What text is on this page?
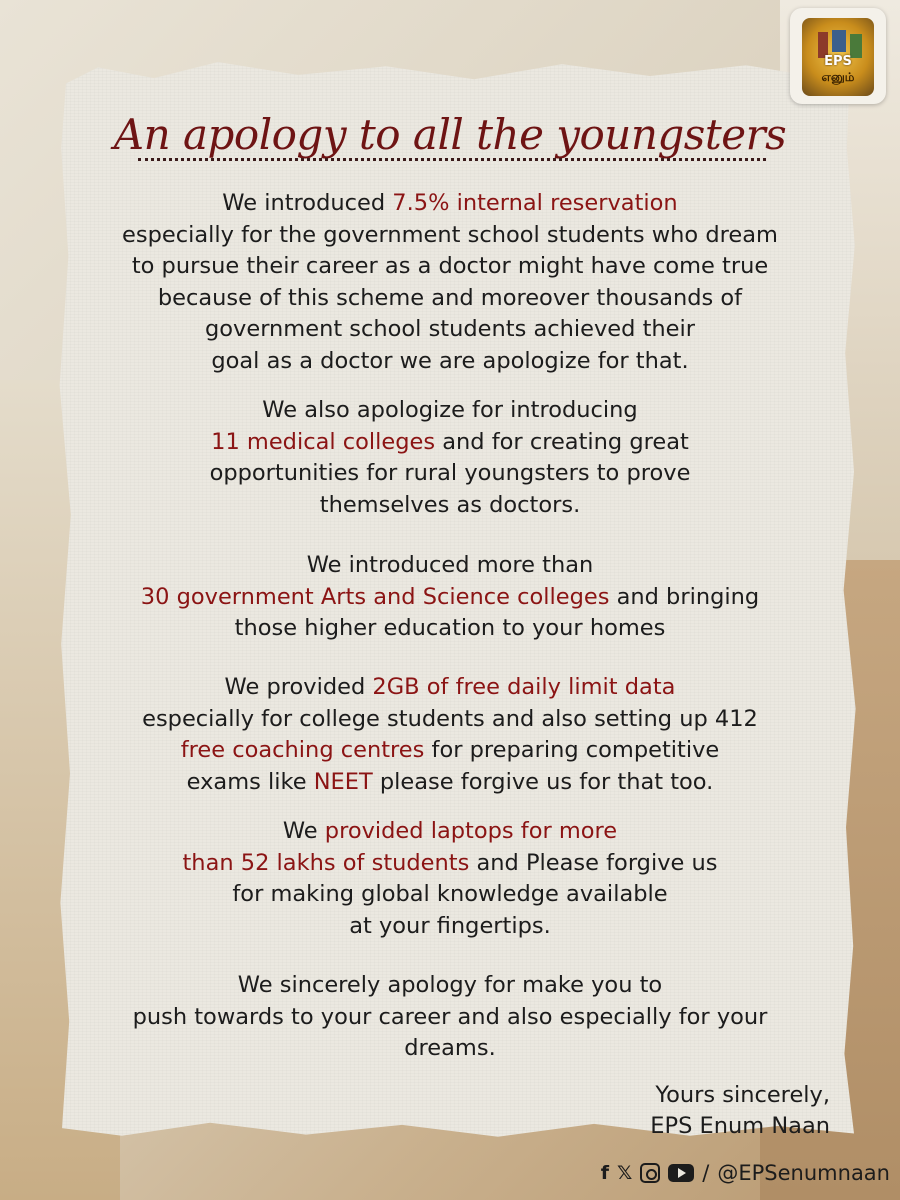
EPS
எனும்
An apology to all the youngsters

We introduced 7.5% internal reservation
especially for the government school students who dream
to pursue their career as a doctor might have come true
because of this scheme and moreover thousands of
government school students achieved their
goal as a doctor we are apologize for that.

We also apologize for introducing
11 medical colleges and for creating great
opportunities for rural youngsters to prove
themselves as doctors.

We introduced more than
30 government Arts and Science colleges and bringing
those higher education to your homes

We provided 2GB of free daily limit data
especially for college students and also setting up 412
free coaching centres for preparing competitive
exams like NEET please forgive us for that too.

We provided laptops for more
than 52 lakhs of students and Please forgive us
for making global knowledge available
at your fingertips.

We sincerely apology for make you to
push towards to your career and also especially for your
dreams.

Yours sincerely,

EPS Enum Naan

f 𝕏	/ @EPSenumnaan
